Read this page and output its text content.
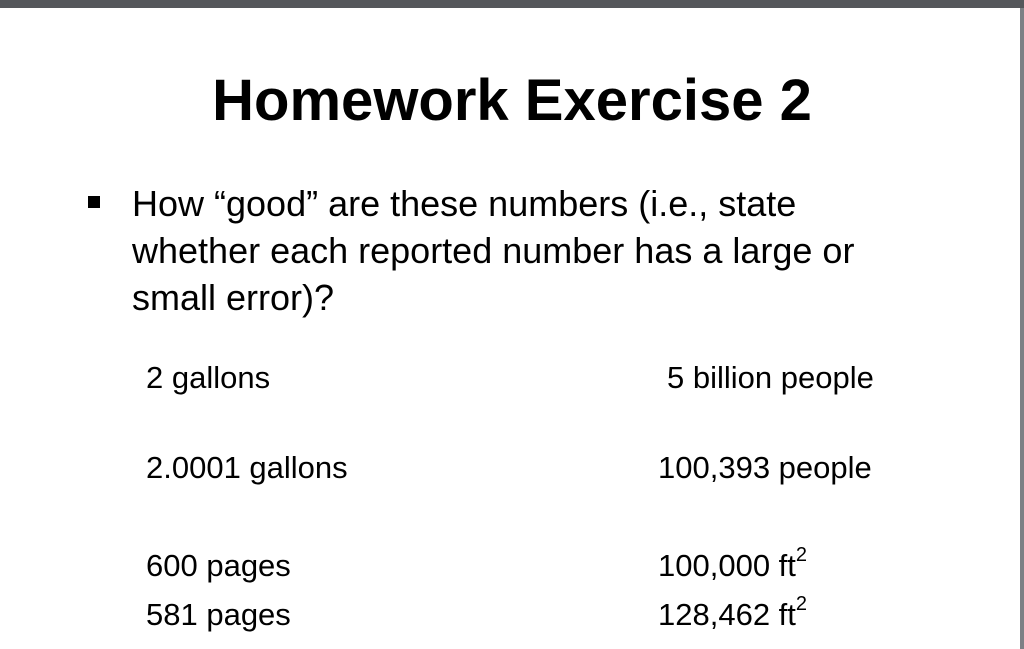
Homework Exercise 2

How “good” are these numbers (i.e., state whether each reported number has a large or small error)?

2 gallons
2.0001 gallons
600 pages
581 pages
5 billion people
100,393 people
100,000 $ft^2$
128,462 $ft^2$
